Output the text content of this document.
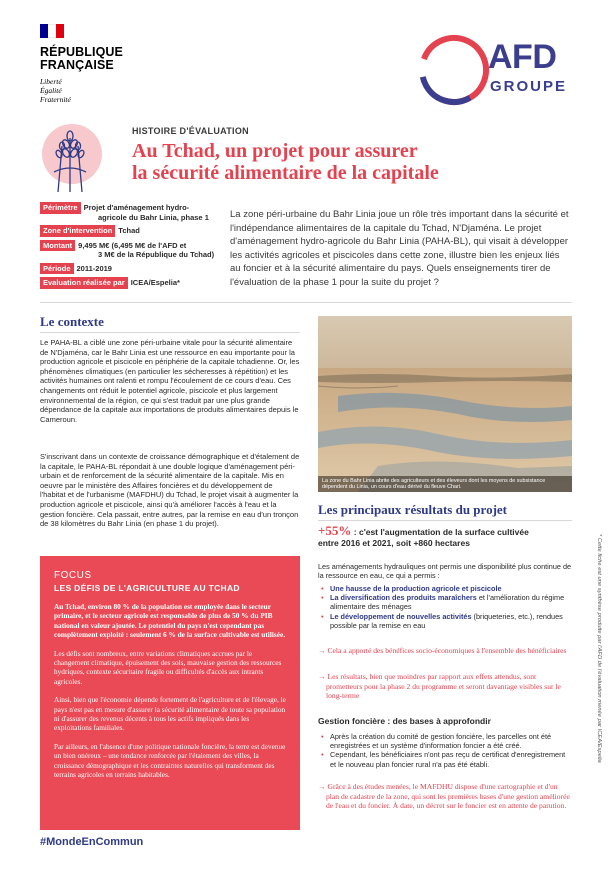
RÉPUBLIQUE
FRANÇAISE
Liberté
Égalité
Fraternité
AFD
GROUPE
HISTOIRE D'ÉVALUATION
Au Tchad, un projet pour assurer
la sécurité alimentaire de la capitale
Périmètre Projet d'aménagement hydro-
agricole du Bahr Linia, phase 1
Zone d'intervention Tchad
Montant 9,495 M€ (6,495 M€ de l'AFD et
3 M€ de la République du Tchad)
Période 2011-2019
Evaluation réalisée par ICEA/Espelia*
La zone péri-urbaine du Bahr Linia joue un rôle très important dans la sécurité et l'indépendance alimentaires de la capitale du Tchad, N'Djaména. Le projet d'aménagement hydro-agricole du Bahr Linia (PAHA-BL), qui visait à développer les activités agricoles et piscicoles dans cette zone, illustre bien les enjeux liés au foncier et à la sécurité alimentaire du pays. Quels enseignements tirer de l'évaluation de la phase 1 pour la suite du projet ?
Le contexte
Le PAHA-BL a ciblé une zone péri-urbaine vitale pour la sécurité alimentaire de N'Djaména, car le Bahr Linia est une ressource en eau importante pour la production agricole et piscicole en périphérie de la capitale tchadienne. Or, les phénomènes climatiques (en particulier les sécheresses à répétition) et les activités humaines ont ralenti et rompu l'écoulement de ce cours d'eau. Ces changements ont réduit le potentiel agricole, piscicole et plus largement environnemental de la région, ce qui s'est traduit par une plus grande dépendance de la capitale aux importations de produits alimentaires depuis le Cameroun.
S'inscrivant dans un contexte de croissance démographique et d'étalement de la capitale, le PAHA-BL répondait à une double logique d'aménagement péri-urbain et de renforcement de la sécurité alimentaire de la capitale. Mis en oeuvre par le ministère des Affaires foncières et du développement de l'habitat et de l'urbanisme (MAFDHU) du Tchad, le projet visait à augmenter la production agricole et piscicole, ainsi qu'à améliorer l'accès à l'eau et la gestion foncière. Cela passait, entre autres, par la remise en eau d'un tronçon de 38 kilomètres du Bahr Linia (en phase 1 du projet).
FOCUS
LES DÉFIS DE L'AGRICULTURE AU TCHAD
Au Tchad, environ 80 % de la population est employée dans le secteur primaire, et le secteur agricole est responsable de plus de 50 % du PIB national en valeur ajoutée. Le potentiel du pays n'est cependant pas complètement exploité : seulement 6 % de la surface cultivable est utilisée.
Les défis sont nombreux, entre variations climatiques accrues par le changement climatique, épuisement des sols, mauvaise gestion des ressources hydriques, contexte sécuritaire fragile ou difficultés d'accès aux intrants agricoles.
Ainsi, bien que l'économie dépende fortement de l'agriculture et de l'élevage, le pays n'est pas en mesure d'assurer la sécurité alimentaire de toute sa population ni d'assurer des revenus décents à tous les actifs impliqués dans les exploitations familiales.
Par ailleurs, en l'absence d'une politique nationale foncière, la terre est devenue un bien onéreux – une tendance renforcée par l'étalement des villes, la croissance démographique et les contraintes naturelles qui transforment des terrains agricoles en terrains habitables.
#MondeEnCommun
La zone du Bahr Linia abrite des agriculteurs et des éleveurs dont les moyens de subsistance dépendent du Linia, un cours d'eau dérivé du fleuve Chari.
Les principaux résultats du projet
+55% : c'est l'augmentation de la surface cultivée
entre 2016 et 2021, soit +860 hectares
Les aménagements hydrauliques ont permis une disponibilité plus continue de la ressource en eau, ce qui a permis :
• Une hausse de la production agricole et piscicole
• La diversification des produits maraîchers et l'amélioration du régime alimentaire des ménages
• Le développement de nouvelles activités (briqueteries, etc.), rendues possible par la remise en eau
→ Cela a apporté des bénéfices socio-économiques à l'ensemble des bénéficiaires
→ Les résultats, bien que moindres par rapport aux effets attendus, sont prometteurs pour la phase 2 du programme et seront davantage visibles sur le long-terme
Gestion foncière : des bases à approfondir
• Après la création du comité de gestion foncière, les parcelles ont été enregistrées et un système d'information foncier a été créé.
• Cependant, les bénéficiaires n'ont pas reçu de certificat d'enregistrement et le nouveau plan foncier rural n'a pas été établi.
→ Grâce à des études menées, le MAFDHU dispose d'une cartographie et d'un plan de cadastre de la zone, qui sont les premières bases d'une gestion améliorée de l'eau et du foncier. À date, un décret sur le foncier est en attente de parution.
* Cette fiche est une synthèse produite par l'AFD de l'évaluation menée par ICEA/Espelia
